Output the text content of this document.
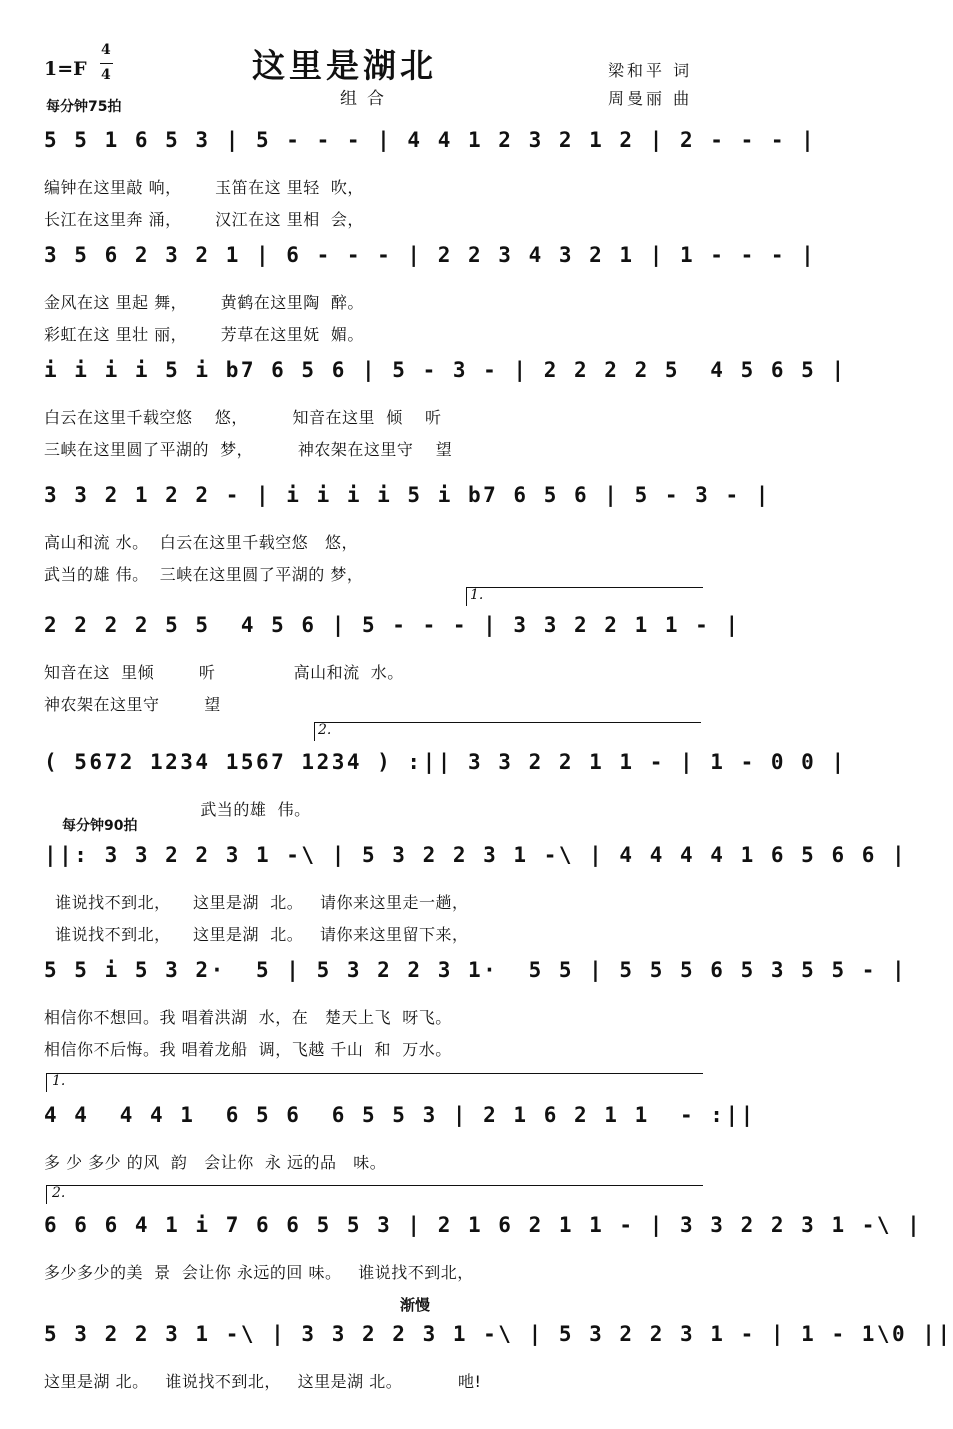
1=F
4
4	这里是湖北
组合
梁和平 词
周曼丽 曲
每分钟75拍
5 5 1 6 5 3 | 5 - - - | 4 4 1 2 3 2 1 2 | 2 - - - |
编钟在这里敲 响，      玉笛在这 里轻  吹，
长江在这里奔 涌，      汉江在这 里相  会，
3 5 6 2 3 2 1 | 6 - - - | 2 2 3 4 3 2 1 | 1 - - - |
金风在这 里起 舞，      黄鹤在这里陶  醉。
彩虹在这 里壮 丽，      芳草在这里妩  媚。
i i i i 5 i b7 6 5 6 | 5 - 3 - | 2 2 2 2 5  4 5 6 5 |
白云在这里千载空悠    悠，        知音在这里  倾    听
三峡在这里圆了平湖的  梦，        神农架在这里守    望
3 3 2 1 2 2 - | i i i i 5 i b7 6 5 6 | 5 - 3 - |
高山和流 水。  白云在这里千载空悠   悠，
武当的雄 伟。  三峡在这里圆了平湖的 梦，
1.
2 2 2 2 5 5  4 5 6 | 5 - - - | 3 3 2 2 1 1 - |
知音在这  里倾        听              高山和流  水。
神农架在这里守        望
2.
( 5672 1234 1567 1234 ) :|| 3 3 2 2 1 1 - | 1 - 0 0 |
武当的雄  伟。
每分钟90拍
||: 3 3 2 2 3 1 -\ | 5 3 2 2 3 1 -\ | 4 4 4 4 1 6 5 6 6 |
谁说找不到北，    这里是湖  北。   请你来这里走一趟，
谁说找不到北，    这里是湖  北。   请你来这里留下来，
5 5 i 5 3 2·  5 | 5 3 2 2 3 1·  5 5 | 5 5 5 6 5 3 5 5 - |
相信你不想回。我 唱着洪湖  水，在   楚天上飞  呀飞。
相信你不后悔。我 唱着龙船  调，飞越 千山  和  万水。
1.
4 4  4 4 1  6 5 6  6 5 5 3 | 2 1 6 2 1 1  - :||
多 少 多少 的风  韵   会让你  永 远的品   味。
2.
6 6 6 4 1 i 7 6 6 5 5 3 | 2 1 6 2 1 1 - | 3 3 2 2 3 1 -\ |
多少多少的美  景  会让你 永远的回 味。   谁说找不到北，
渐慢
5 3 2 2 3 1 -\ | 3 3 2 2 3 1 -\ | 5 3 2 2 3 1 - | 1 - 1\0 ||
这里是湖 北。   谁说找不到北，   这里是湖 北。          吔!
